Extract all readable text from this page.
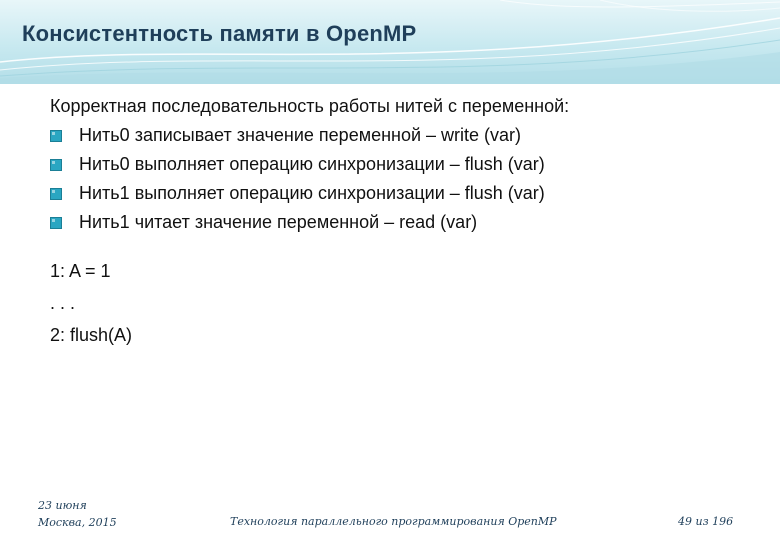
Консистентность памяти в OpenMP
Корректная последовательность работы нитей с переменной:
Нить0 записывает значение переменной – write (var)
Нить0 выполняет операцию синхронизации – flush (var)
Нить1 выполняет операцию синхронизации – flush (var)
Нить1 читает значение переменной – read (var)
1: A = 1
. . .
2: flush(A)
23 июня
Москва, 2015	Технология параллельного программирования OpenMP	49 из 196
